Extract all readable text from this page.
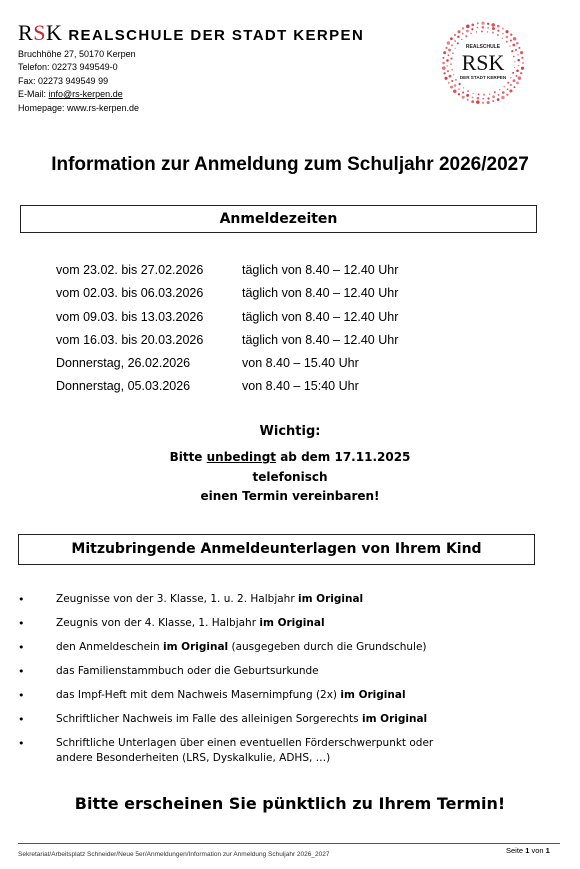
RSK REALSCHULE DER STADT KERPEN
Bruchhöhe 27, 50170 Kerpen
Telefon: 02273 949549-0
Fax: 02273 949549 99
E-Mail: info@rs-kerpen.de
Homepage: www.rs-kerpen.de
REALSCHULE
RSK
DER STADT KERPEN
Information zur Anmeldung zum Schuljahr 2026/2027
Anmeldezeiten
vom 23.02. bis 27.02.2026	täglich von 8.40 – 12.40 Uhr
vom 02.03. bis 06.03.2026	täglich von 8.40 – 12.40 Uhr
vom 09.03. bis 13.03.2026	täglich von 8.40 – 12.40 Uhr
vom 16.03. bis 20.03.2026	täglich von 8.40 – 12.40 Uhr
Donnerstag, 26.02.2026	von 8.40 – 15.40 Uhr
Donnerstag, 05.03.2026	von 8.40 – 15:40 Uhr
Wichtig:
Bitte unbedingt ab dem 17.11.2025
telefonisch
einen Termin vereinbaren!
Mitzubringende Anmeldeunterlagen von Ihrem Kind
•	Zeugnisse von der 3. Klasse, 1. u. 2. Halbjahr im Original
•	Zeugnis von der 4. Klasse, 1. Halbjahr im Original
•	den Anmeldeschein im Original (ausgegeben durch die Grundschule)
•	das Familienstammbuch oder die Geburtsurkunde
•	das Impf-Heft mit dem Nachweis Masernimpfung (2x) im Original
•	Schriftlicher Nachweis im Falle des alleinigen Sorgerechts im Original
•	Schriftliche Unterlagen über einen eventuellen Förderschwerpunkt oder
andere Besonderheiten (LRS, Dyskalkulie, ADHS, …)
Bitte erscheinen Sie pünktlich zu Ihrem Termin!
Sekretariat/Arbeitsplatz Schneider/Neue 5er/Anmeldungen/Information zur Anmeldung Schuljahr 2026_2027	Seite 1 von 1
